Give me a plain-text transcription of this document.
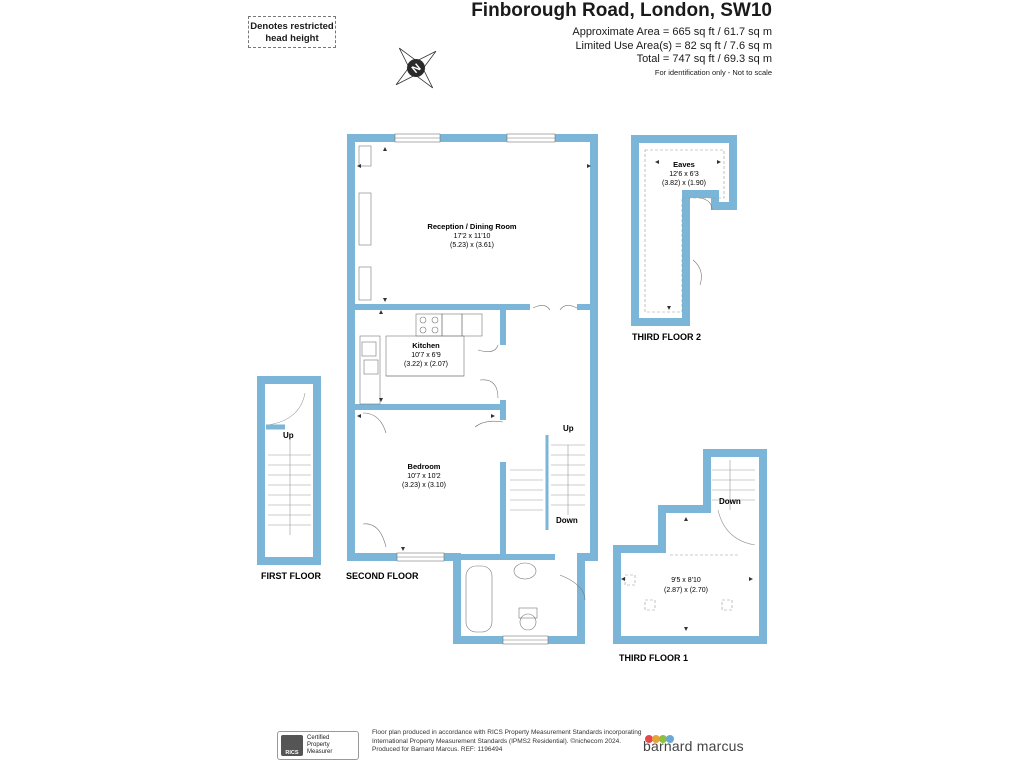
Denotes restricted
head height
Finborough Road, London, SW10
Approximate Area = 665 sq ft / 61.7 sq m
Limited Use Area(s) = 82 sq ft / 7.6 sq m
Total = 747 sq ft / 69.3 sq m
For identification only - Not to scale
N
Up
FIRST FLOOR
Reception / Dining Room
17'2 x 11'10
(5.23) x (3.61)
Kitchen
10'7 x 6'9
(3.22) x (2.07)
Bedroom
10'7 x 10'2
(3.23) x (3.10)
Up
Down
SECOND FLOOR
Eaves
12'6 x 6'3
(3.82) x (1.90)
THIRD FLOOR 2
Down
9'5 x 8'10
(2.87) x (2.70)
THIRD FLOOR 1
RICS
Certified
Property
Measurer
Floor plan produced in accordance with RICS Property Measurement Standards incorporating International Property Measurement Standards (IPMS2 Residential). ©nichecom 2024. Produced for Barnard Marcus. REF: 1196494	barnard marcus
